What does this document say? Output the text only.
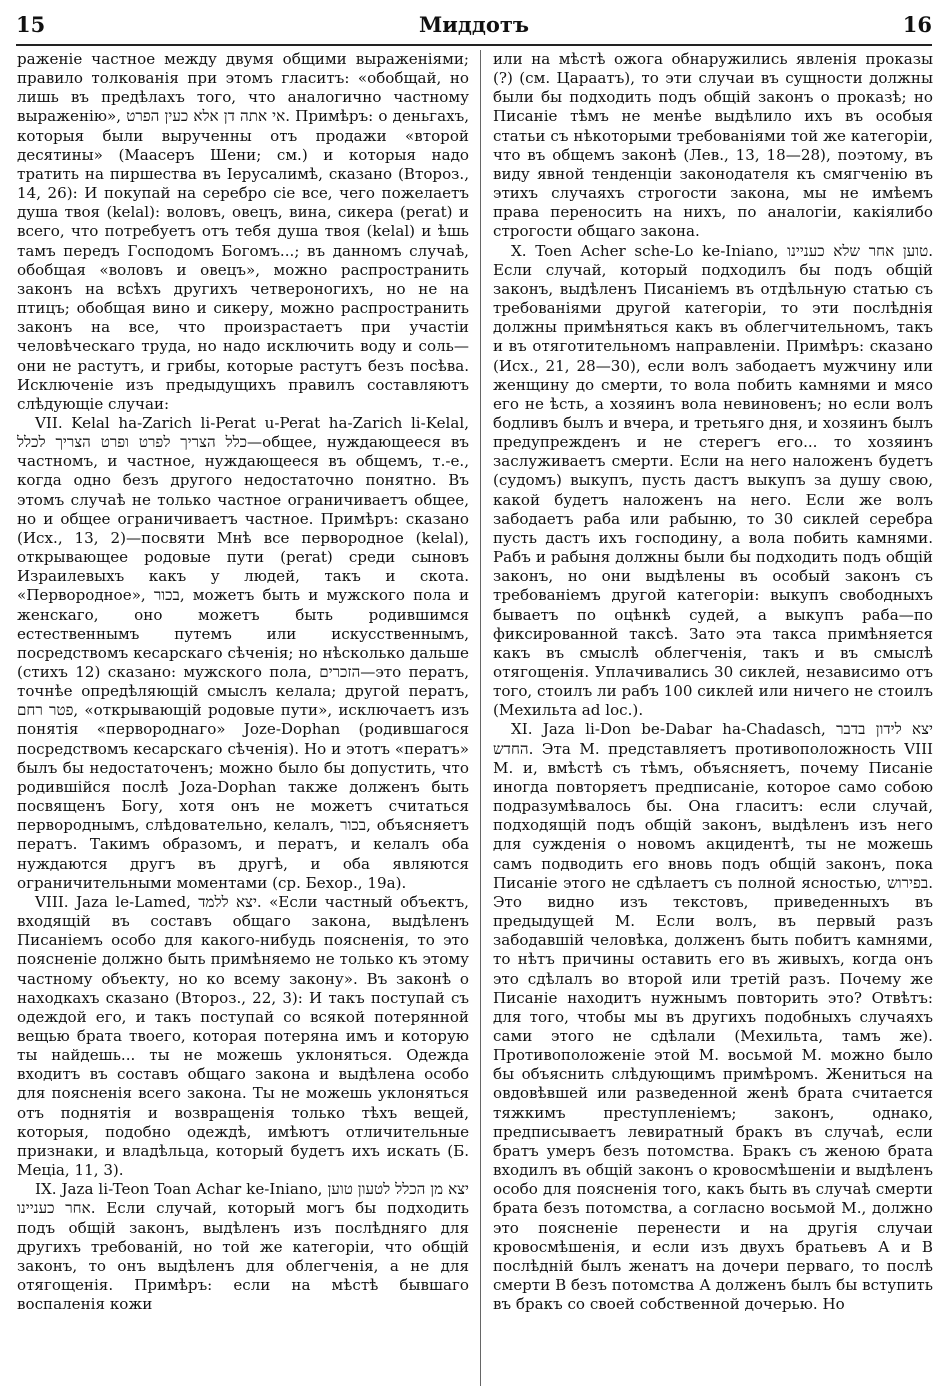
15	Миддотъ	16

раженiе частное между двумя общими выраженiями; правило толкованiя при этомъ гласитъ: «обобщай, но лишь въ предѣлахъ того, что аналогично частному выраженiю», אי אתה דן אלא כעין הפרט. Примѣръ: о деньгахъ, которыя были вырученны отъ продажи «второй десятины» (Маасеръ Шени; см.) и которыя надо тратить на пиршества въ Iерусалимѣ, сказано (Второз., 14, 26): И покупай на серебро сiе все, чего пожелаетъ душа твоя (kelal): воловъ, овецъ, вина, сикера (perat) и всего, что потребуетъ отъ тебя душа твоя (kelal) и ѣшь тамъ передъ Господомъ Богомъ...; въ данномъ случаѣ, обобщая «воловъ и овецъ», можно распространить законъ на всѣхъ другихъ четвероногихъ, но не на птицъ; обобщая вино и сикеру, можно распространить законъ на все, что произрастаетъ при участiи человѣческаго труда, но надо исключить воду и соль—они не растутъ, и грибы, которые растутъ безъ посѣва. Исключенiе изъ предыдущихъ правилъ составляютъ слѣдующiе случаи:

VII. Kelal ha-Zarich li-Perat u-Perat ha-Zarich li-Kelal, כלל הצריך לפרט ופרט הצריך לכלל—общее, нуждающееся въ частномъ, и частное, нуждающееся въ общемъ, т.-е., когда одно безъ другого недостаточно понятно. Въ этомъ случаѣ не только частное ограничиваетъ общее, но и общее ограничиваетъ частное. Примѣръ: сказано (Исх., 13, 2)—посвяти Мнѣ все первородное (kelal), открывающее родовые пути (perat) среди сыновъ Израилевыхъ какъ у людей, такъ и скота. «Первородное», בכור, можетъ быть и мужского пола и женскаго, оно можетъ быть родившимся естественнымъ путемъ или искусственнымъ, посредствомъ кесарскаго сѣченiя; но нѣсколько дальше (стихъ 12) сказано: мужского пола, הזכרים—это ператъ, точнѣе опредѣляющiй смыслъ келала; другой ператъ, פטר רחם, «открывающiй родовые пути», исключаетъ изъ понятiя «первороднаго» Joze-Dophan (родившагося посредствомъ кесарскаго сѣченiя). Но и этотъ «ператъ» былъ бы недостаточенъ; можно было бы допустить, что родившiйся послѣ Joza-Dophan также долженъ быть посвященъ Богу, хотя онъ не можетъ считаться первороднымъ, слѣдовательно, келалъ, בכור, объясняетъ ператъ. Такимъ образомъ, и ператъ, и келалъ оба нуждаются другъ въ другѣ, и оба являются ограничительными моментами (ср. Бехор., 19а).

VIII. Jaza le-Lamed, יצא ללמד. «Если частный объектъ, входящiй въ составъ общаго закона, выдѣленъ Писанiемъ особо для какого-нибудь поясненiя, то это поясненiе должно быть примѣняемо не только къ этому частному объекту, но ко всему закону». Въ законѣ о находкахъ сказано (Второз., 22, 3): И такъ поступай съ одеждой его, и такъ поступай со всякой потерянной вещью брата твоего, которая потеряна имъ и которую ты найдешь... ты не можешь уклоняться. Одежда входитъ въ составъ общаго закона и выдѣлена особо для поясненiя всего закона. Ты не можешь уклоняться отъ поднятiя и возвращенiя только тѣхъ вещей, которыя, подобно одеждѣ, имѣютъ отличительные признаки, и владѣльца, который будетъ ихъ искать (Б. Мецiа, 11, 3).

IX. Jaza li-Teon Toan Achar ke-Iniano, יצא מן הכלל לטעון טוען אחר כעניינו. Если случай, который могъ бы подходить подъ общiй законъ, выдѣленъ изъ послѣдняго для другихъ требованiй, но той же категорiи, что общiй законъ, то онъ выдѣленъ для облегченiя, а не для отягощенiя. Примѣръ: если на мѣстѣ бывшаго воспаленiя кожи

или на мѣстѣ ожога обнаружились явленiя проказы (?) (см. Цараатъ), то эти случаи въ сущности должны были бы подходить подъ общiй законъ о проказѣ; но Писанiе тѣмъ не менѣе выдѣлило ихъ въ особыя статьи съ нѣкоторыми требованiями той же категорiи, что въ общемъ законѣ (Лев., 13, 18—28), поэтому, въ виду явной тенденцiи законодателя къ смягченiю въ этихъ случаяхъ строгости закона, мы не имѣемъ права переносить на нихъ, по аналогiи, какiялибо строгости общаго закона.

X. Toen Acher sche-Lo ke-Iniano, טוען אחר שלא כעניינו. Если случай, который подходилъ бы подъ общiй законъ, выдѣленъ Писанiемъ въ отдѣльную статью съ требованiями другой категорiи, то эти послѣднiя должны примѣняться какъ въ облегчительномъ, такъ и въ отяготительномъ направленiи. Примѣръ: сказано (Исх., 21, 28—30), если волъ забодаетъ мужчину или женщину до смерти, то вола побить камнями и мясо его не ѣсть, а хозяинъ вола невиновенъ; но если волъ бодливъ былъ и вчера, и третьяго дня, и хозяинъ былъ предупрежденъ и не стерегъ его... то хозяинъ заслуживаетъ смерти. Если на него наложенъ будетъ (судомъ) выкупъ, пусть дастъ выкупъ за душу свою, какой будетъ наложенъ на него. Если же волъ забодаетъ раба или рабыню, то 30 сиклей серебра пусть дастъ ихъ господину, а вола побить камнями. Рабъ и рабыня должны были бы подходить подъ общiй законъ, но они выдѣлены въ особый законъ съ требованiемъ другой категорiи: выкупъ свободныхъ бываетъ по оцѣнкѣ судей, а выкупъ раба—по фиксированной таксѣ. Зато эта такса примѣняется какъ въ смыслѣ облегченiя, такъ и въ смыслѣ отягощенiя. Уплачивались 30 сиклей, независимо отъ того, стоилъ ли рабъ 100 сиклей или ничего не стоилъ (Мехильта ad loc.).

XI. Jaza li-Don be-Dabar ha-Chadasch, יצא לידון בדבר החדש. Эта М. представляетъ противоположность VIII М. и, вмѣстѣ съ тѣмъ, объясняетъ, почему Писанiе иногда повторяетъ предписанiе, которое само собою подразумѣвалось бы. Она гласитъ: если случай, подходящiй подъ общiй законъ, выдѣленъ изъ него для сужденiя о новомъ акцидентѣ, ты не можешь самъ подводить его вновь подъ общiй законъ, пока Писанiе этого не сдѣлаетъ съ полной ясностью, בפירוש. Это видно изъ текстовъ, приведенныхъ въ предыдущей М. Если волъ, въ первый разъ забодавшiй человѣка, долженъ быть побитъ камнями, то нѣтъ причины оставить его въ живыхъ, когда онъ это сдѣлалъ во второй или третiй разъ. Почему же Писанiе находитъ нужнымъ повторить это? Отвѣтъ: для того, чтобы мы въ другихъ подобныхъ случаяхъ сами этого не сдѣлали (Мехильта, тамъ же). Противоположенiе этой М. восьмой М. можно было бы объяснить слѣдующимъ примѣромъ. Жениться на овдовѣвшей или разведенной женѣ брата считается тяжкимъ преступленiемъ; законъ, однако, предписываетъ левиратный бракъ въ случаѣ, если братъ умеръ безъ потомства. Бракъ съ женою брата входилъ въ общiй законъ о кровосмѣшенiи и выдѣленъ особо для поясненiя того, какъ быть въ случаѣ смерти брата безъ потомства, а согласно восьмой М., должно это поясненiе перенести и на другiя случаи кровосмѣшенiя, и если изъ двухъ братьевъ А и В послѣднiй былъ женатъ на дочери перваго, то послѣ смерти В безъ потомства А долженъ былъ бы вступить въ бракъ со своей собственной дочерью. Но
